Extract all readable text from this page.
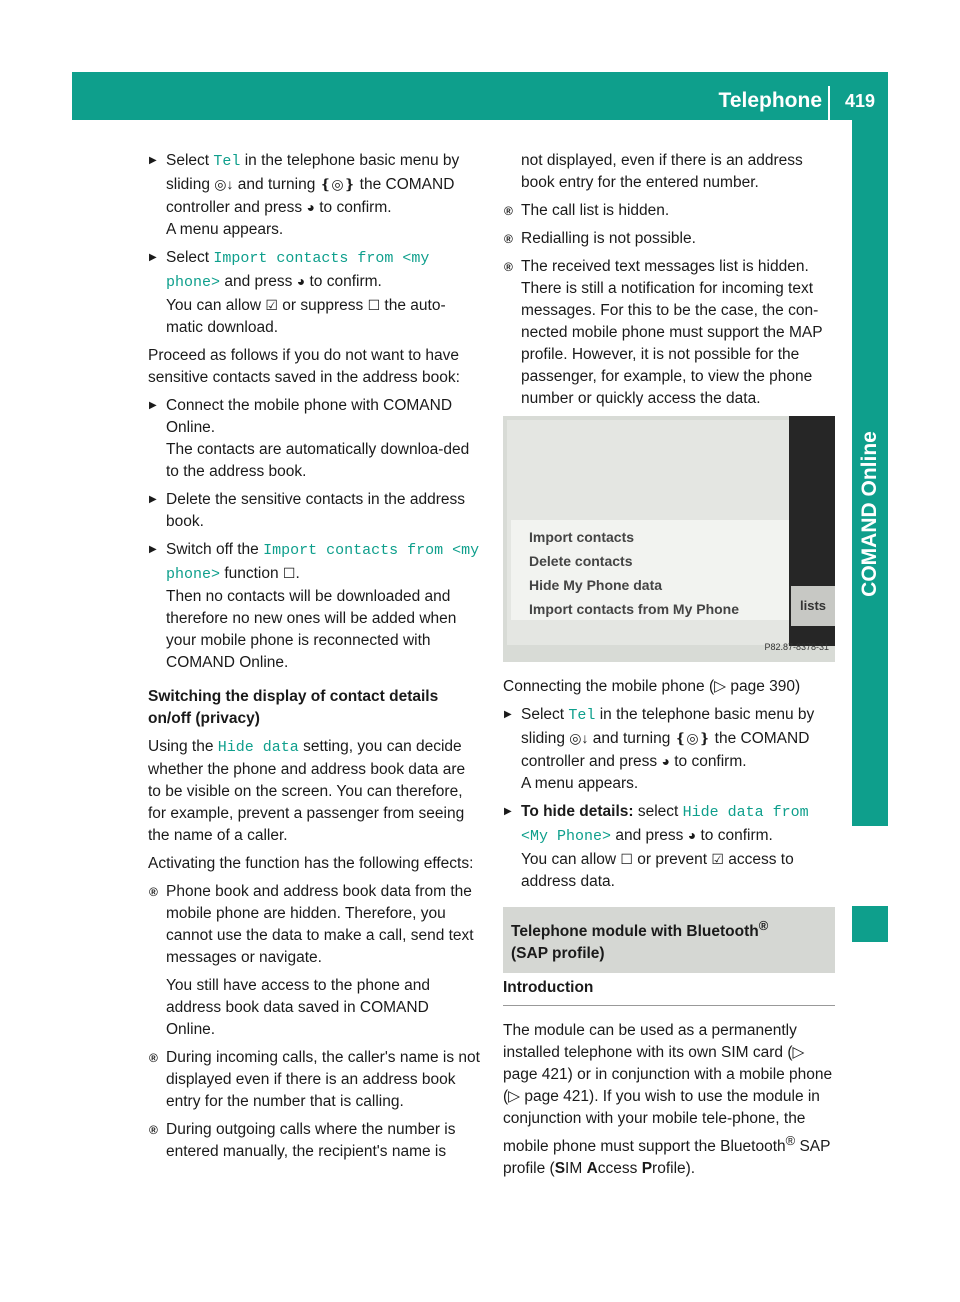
Telephone	419
COMAND Online
▶ Select Tel in the telephone basic menu by sliding ◎↓ and turning ❴◎❵ the COMAND controller and press ◕ to confirm.
A menu appears.
▶ Select Import contacts from <my phone> and press ◕ to confirm.
You can allow ☑ or suppress ☐ the auto-matic download.

Proceed as follows if you do not want to have sensitive contacts saved in the address book:

▶ Connect the mobile phone with COMAND Online.
The contacts are automatically downloa-ded to the address book.
▶ Delete the sensitive contacts in the address book.
▶ Switch off the Import contacts from <my phone> function ☐.
Then no contacts will be downloaded and therefore no new ones will be added when your mobile phone is reconnected with COMAND Online.
Switching the display of contact details on/off (privacy)

Using the Hide data setting, you can decide whether the phone and address book data are to be visible on the screen. You can therefore, for example, prevent a passenger from seeing the name of a caller.

Activating the function has the following effects:

® Phone book and address book data from the mobile phone are hidden. Therefore, you cannot use the data to make a call, send text messages or navigate.
You still have access to the phone and address book data saved in COMAND Online.
® During incoming calls, the caller's name is not displayed even if there is an address book entry for the number that is calling.
® During outgoing calls where the number is entered manually, the recipient's name is
not displayed, even if there is an address book entry for the entered number.
® The call list is hidden.
® Redialling is not possible.
® The received text messages list is hidden. There is still a notification for incoming text messages. For this to be the case, the con-nected mobile phone must support the MAP profile. However, it is not possible for the passenger, for example, to view the phone number or quickly access the data.
Import contacts
Delete contacts
Hide My Phone data
Import contacts from My Phone	lists
P82.87-8378-31

Connecting the mobile phone (▷ page 390)

▶ Select Tel in the telephone basic menu by sliding ◎↓ and turning ❴◎❵ the COMAND controller and press ◕ to confirm.
A menu appears.
▶ To hide details: select Hide data from <My Phone> and press ◕ to confirm.
You can allow ☐ or prevent ☑ access to address data.
Telephone module with Bluetooth®
(SAP profile)
Introduction

The module can be used as a permanently installed telephone with its own SIM card (▷ page 421) or in conjunction with a mobile phone (▷ page 421). If you wish to use the module in conjunction with your mobile tele-phone, the mobile phone must support the Bluetooth® SAP profile (SIM Access Profile).
